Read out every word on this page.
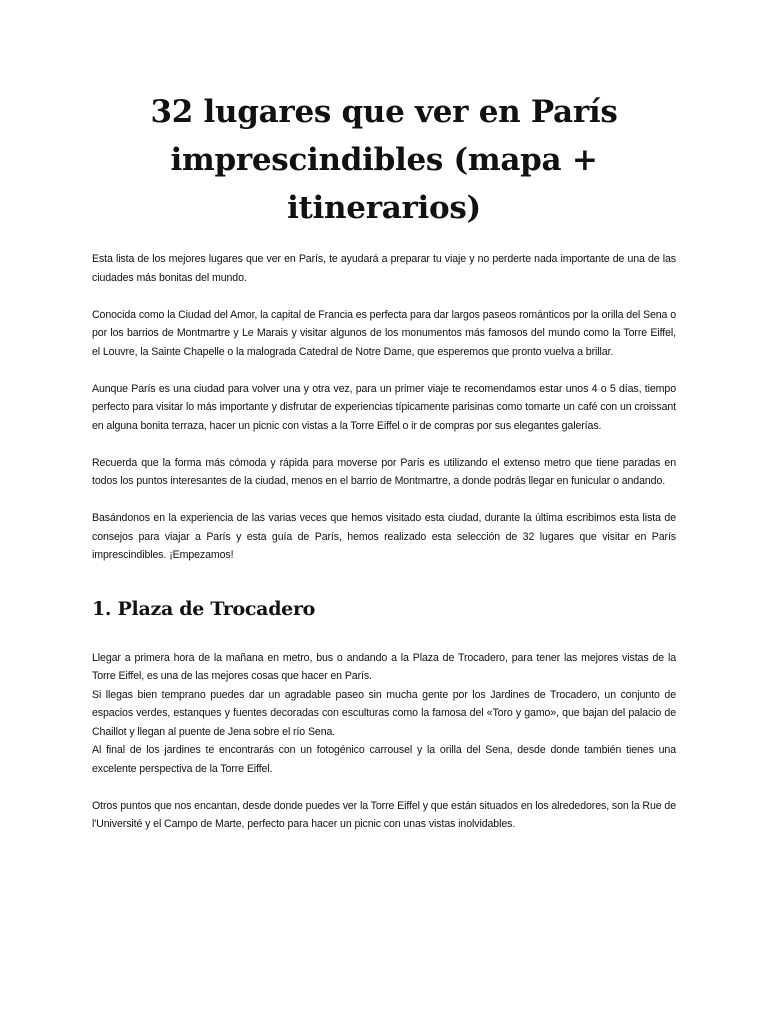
32 lugares que ver en París
imprescindibles (mapa + itinerarios)

Esta lista de los mejores lugares que ver en París, te ayudará a preparar tu viaje y no perderte nada importante de una de las ciudades más bonitas del mundo.

Conocida como la Ciudad del Amor, la capital de Francia es perfecta para dar largos paseos románticos por la orilla del Sena o por los barrios de Montmartre y Le Marais y visitar algunos de los monumentos más famosos del mundo como la Torre Eiffel, el Louvre, la Sainte Chapelle o la malograda Catedral de Notre Dame, que esperemos que pronto vuelva a brillar.

Aunque París es una ciudad para volver una y otra vez, para un primer viaje te recomendamos estar unos 4 o 5 días, tiempo perfecto para visitar lo más importante y disfrutar de experiencias típicamente parisinas como tomarte un café con un croissant en alguna bonita terraza, hacer un picnic con vistas a la Torre Eiffel o ir de compras por sus elegantes galerías.

Recuerda que la forma más cómoda y rápida para moverse por París es utilizando el extenso metro que tiene paradas en todos los puntos interesantes de la ciudad, menos en el barrio de Montmartre, a donde podrás llegar en funicular o andando.

Basándonos en la experiencia de las varias veces que hemos visitado esta ciudad, durante la última escribimos esta lista de consejos para viajar a París y esta guía de París, hemos realizado esta selección de 32 lugares que visitar en París imprescindibles. ¡Empezamos!

1. Plaza de Trocadero

Llegar a primera hora de la mañana en metro, bus o andando a la Plaza de Trocadero, para tener las mejores vistas de la Torre Eiffel, es una de las mejores cosas que hacer en París.

Si llegas bien temprano puedes dar un agradable paseo sin mucha gente por los Jardines de Trocadero, un conjunto de espacios verdes, estanques y fuentes decoradas con esculturas como la famosa del «Toro y gamo», que bajan del palacio de Chaillot y llegan al puente de Jena sobre el río Sena.

Al final de los jardines te encontrarás con un fotogénico carrousel y la orilla del Sena, desde donde también tienes una excelente perspectiva de la Torre Eiffel.

Otros puntos que nos encantan, desde donde puedes ver la Torre Eiffel y que están situados en los alrededores, son la Rue de l'Université y el Campo de Marte, perfecto para hacer un picnic con unas vistas inolvidables.
